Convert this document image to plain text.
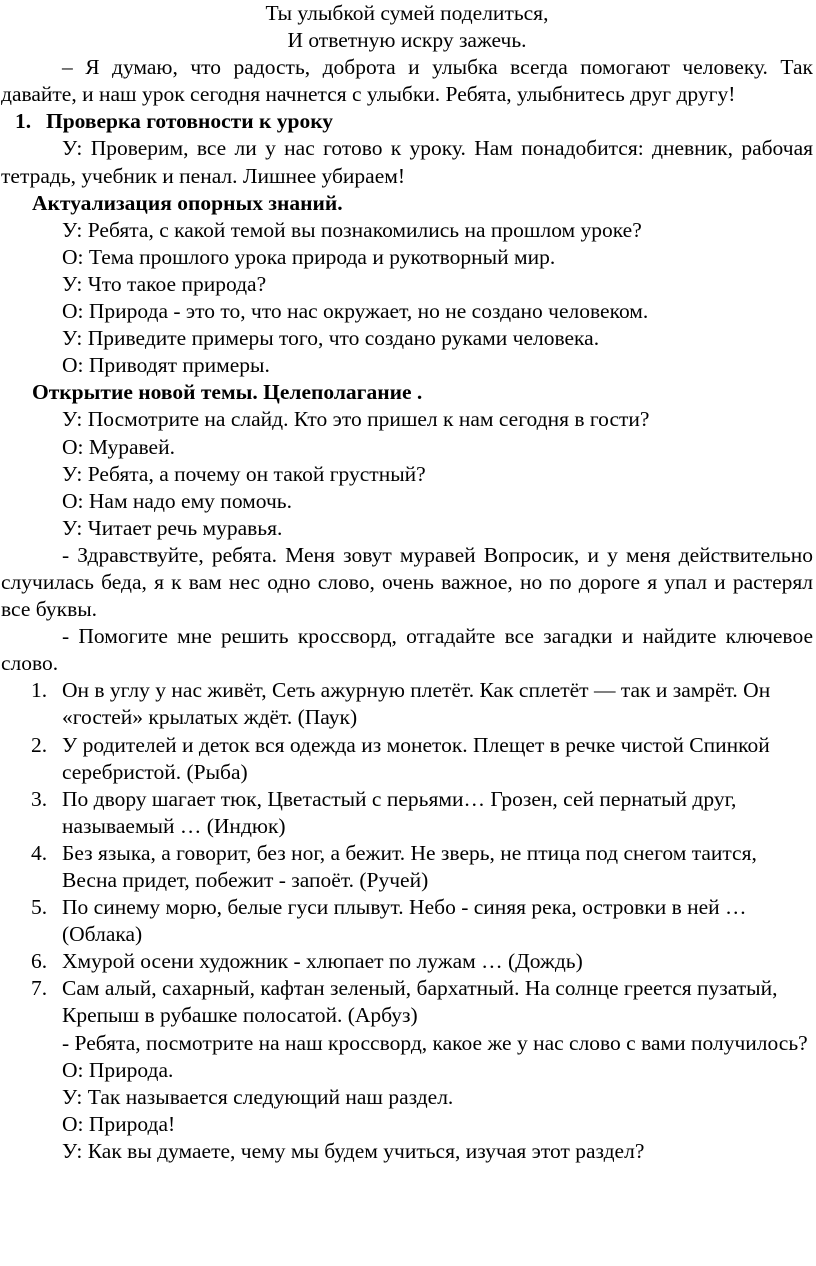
Ты улыбкой сумей поделиться,
И ответную искру зажечь.

– Я думаю, что радость, доброта и улыбка всегда помогают человеку. Так давайте, и наш урок сегодня начнется с улыбки. Ребята, улыбнитесь друг другу!

1. Проверка готовности к уроку

У: Проверим, все ли у нас готово к уроку. Нам понадобится: дневник, рабочая тетрадь, учебник и пенал. Лишнее убираем!

Актуализация опорных знаний.

У: Ребята, с какой темой вы познакомились на прошлом уроке?

О: Тема прошлого урока природа и рукотворный мир.

У: Что такое природа?

О: Природа - это то, что нас окружает, но не создано человеком.

У: Приведите примеры того, что создано руками человека.

О: Приводят примеры.

Открытие новой темы. Целеполагание .

У: Посмотрите на слайд. Кто это пришел к нам сегодня в гости?

О: Муравей.

У: Ребята, а почему он такой грустный?

О: Нам надо ему помочь.

У: Читает речь муравья.

- Здравствуйте, ребята. Меня зовут муравей Вопросик, и у меня действительно случилась беда, я к вам нес одно слово, очень важное, но по дороге я упал и растерял все буквы.

- Помогите мне решить кроссворд, отгадайте все загадки и найдите ключевое слово.

1. Он в углу у нас живёт, Сеть ажурную плетёт. Как сплетёт — так и замрёт. Он «гостей» крылатых ждёт. (Паук)
2. У родителей и деток вся одежда из монеток. Плещет в речке чистой Спинкой серебристой. (Рыба)
3. По двору шагает тюк, Цветастый с перьями… Грозен, сей пернатый друг, называемый … (Индюк)
4. Без языка, а говорит, без ног, а бежит. Не зверь, не птица под снегом таится, Весна придет, побежит - запоёт. (Ручей)
5. По синему морю, белые гуси плывут. Небо - синяя река, островки в ней … (Облака)
6. Хмурой осени художник - хлюпает по лужам … (Дождь)
7. Сам алый, сахарный, кафтан зеленый, бархатный. На солнце греется пузатый, Крепыш в рубашке полосатой. (Арбуз)

- Ребята, посмотрите на наш кроссворд, какое же у нас слово с вами получилось?

О: Природа.

У: Так называется следующий наш раздел.

О: Природа!

У: Как вы думаете, чему мы будем учиться, изучая этот раздел?
